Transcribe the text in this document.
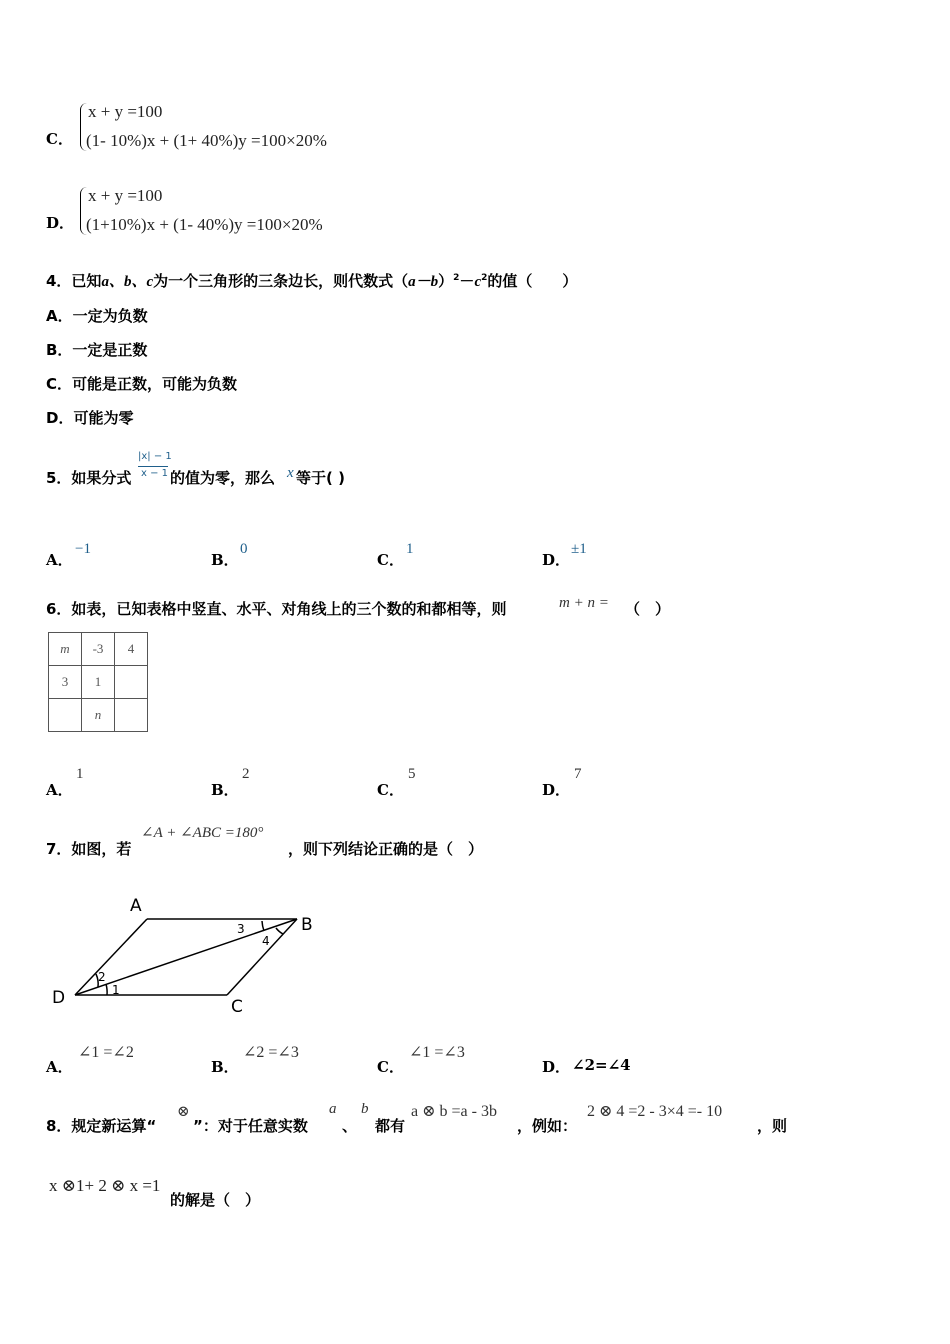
C．
x + y =100
(1- 10%)x + (1+ 40%)y =100×20%
D．
x + y =100
(1+10%)x + (1- 40%)y =100×20%
4．已知a、b、c为一个三角形的三条边长，则代数式$(a-b)^2-c^2$的值（　　）
A．一定为负数
B．一定是正数
C．可能是正数，可能为负数
D．可能为零
5．如果分式
|x| − 1
x − 1 的值为零，那么 x 等于( )
A．
−1
B．
0
C．
1
D．
±1
6．如表，已知表格中竖直、水平、对角线上的三个数的和都相等，则	m + n = （　）
m	-3	4
3	1	
	n	
A．
1
B．
2
C．
5
D．
7
7．如图，若
∠A + ∠ABC =180°
，则下列结论正确的是（　）
A
B
C
D	1
2
3
4
A．
∠1 =∠2
B．
∠2 =∠3
C．
∠1 =∠3
D． ∠2=∠4
8．规定新运算“
⊗
”：对于任意实数
a
、
b
都有
a ⊗ b =a - 3b
，例如：
2 ⊗ 4 =2 - 3×4 =- 10
，则
x ⊗1+ 2 ⊗ x =1
的解是（　）
